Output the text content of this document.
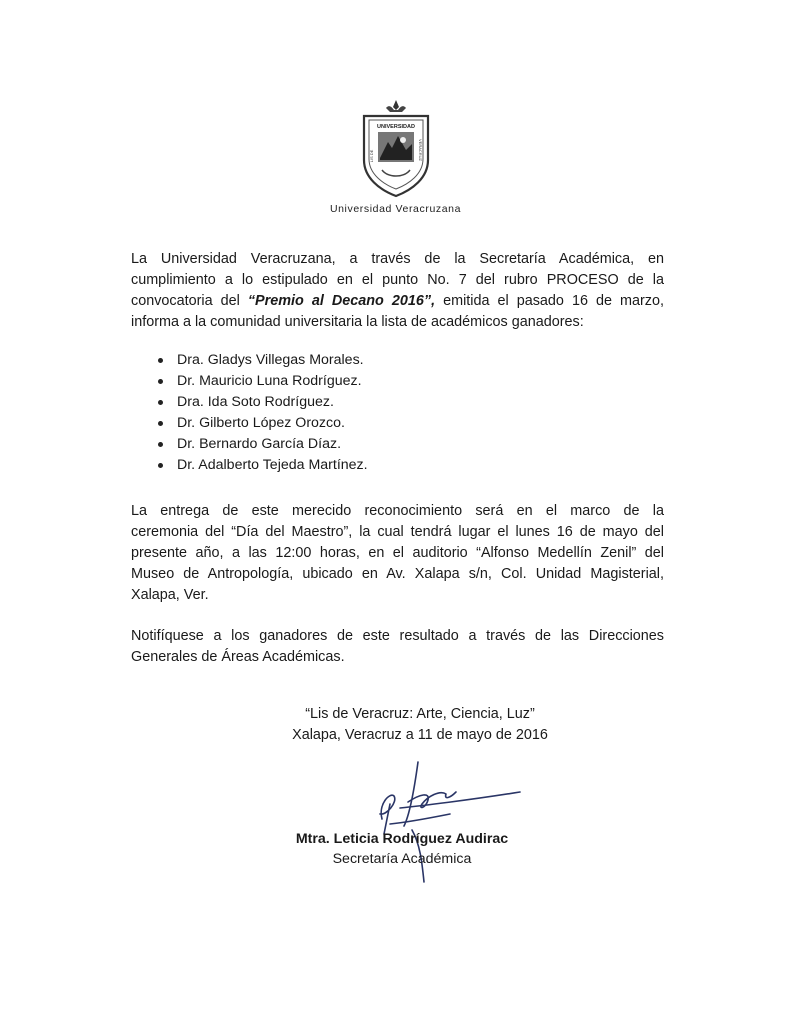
UNIVERSIDAD
LIS DE	VERACRUZ
Universidad Veracruzana

La Universidad Veracruzana, a través de la Secretaría Académica, en
cumplimiento a lo estipulado en el punto No. 7 del rubro PROCESO de la
convocatoria del “Premio al Decano 2016”, emitida el pasado 16 de marzo,
informa a la comunidad universitaria la lista de académicos ganadores:

Dra. Gladys Villegas Morales.
Dr. Mauricio Luna Rodríguez.
Dra. Ida Soto Rodríguez.
Dr. Gilberto López Orozco.
Dr. Bernardo García Díaz.
Dr. Adalberto Tejeda Martínez.

La entrega de este merecido reconocimiento será en el marco de la
ceremonia del “Día del Maestro”, la cual tendrá lugar el lunes 16 de mayo del
presente año, a las 12:00 horas, en el auditorio “Alfonso Medellín Zenil” del
Museo de Antropología, ubicado en Av. Xalapa s/n, Col. Unidad Magisterial,
Xalapa, Ver.

Notifíquese a los ganadores de este resultado a través de las Direcciones
Generales de Áreas Académicas.

“Lis de Veracruz: Arte, Ciencia, Luz”
Xalapa, Veracruz a 11 de mayo de 2016
Mtra. Leticia Rodríguez Audirac
Secretaría Académica
